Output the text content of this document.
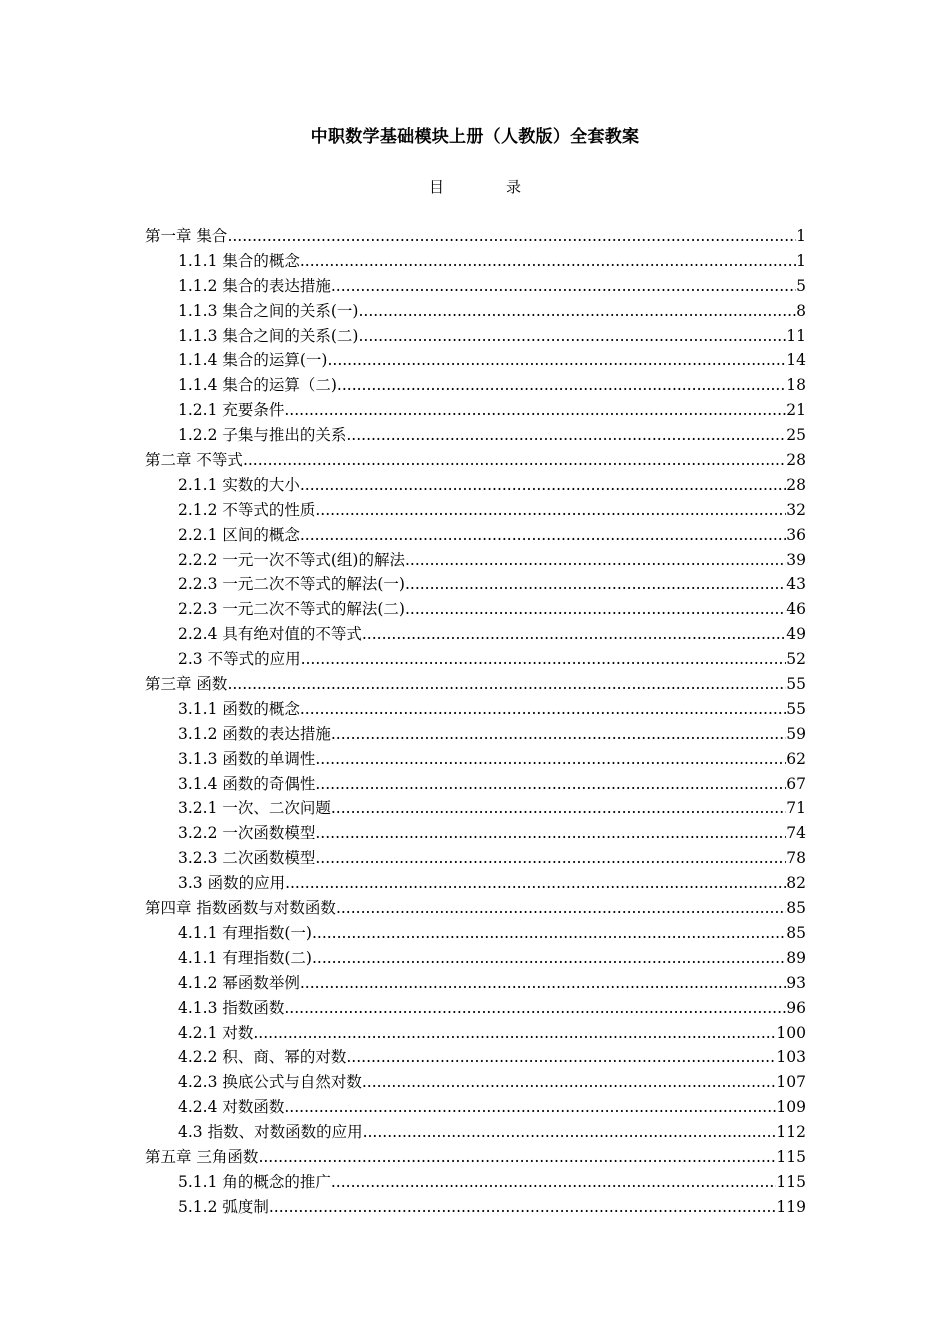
中职数学基础模块上册（人教版）全套教案
目	录
第一章 集合 .....	1
1.1.1 集合的概念 .....	1
1.1.2 集合的表达措施 .....	5
1.1.3 集合之间的关系(一) .....	8
1.1.3 集合之间的关系(二) .....	11
1.1.4 集合的运算(一) .....	14
1.1.4 集合的运算（二) .....	18
1.2.1 充要条件 .....	21
1.2.2 子集与推出的关系 .....	25
第二章 不等式 .....	28
2.1.1 实数的大小 .....	28
2.1.2 不等式的性质 .....	32
2.2.1 区间的概念 .....	36
2.2.2 一元一次不等式(组)的解法 .....	39
2.2.3 一元二次不等式的解法(一) .....	43
2.2.3 一元二次不等式的解法(二) .....	46
2.2.4 具有绝对值的不等式 .....	49
2.3 不等式的应用 .....	52
第三章 函数 .....	55
3.1.1 函数的概念 .....	55
3.1.2 函数的表达措施 .....	59
3.1.3 函数的单调性 .....	62
3.1.4 函数的奇偶性 .....	67
3.2.1 一次、二次问题 .....	71
3.2.2 一次函数模型 .....	74
3.2.3 二次函数模型 .....	78
3.3 函数的应用 .....	82
第四章 指数函数与对数函数 .....	85
4.1.1 有理指数(一) .....	85
4.1.1 有理指数(二) .....	89
4.1.2 幂函数举例 .....	93
4.1.3 指数函数 .....	96
4.2.1 对数 .....	100
4.2.2 积、商、幂的对数 .....	103
4.2.3 换底公式与自然对数 .....	107
4.2.4 对数函数 .....	109
4.3 指数、对数函数的应用 .....	112
第五章 三角函数 .....	115
5.1.1 角的概念的推广 .....	115
5.1.2 弧度制 .....	119
